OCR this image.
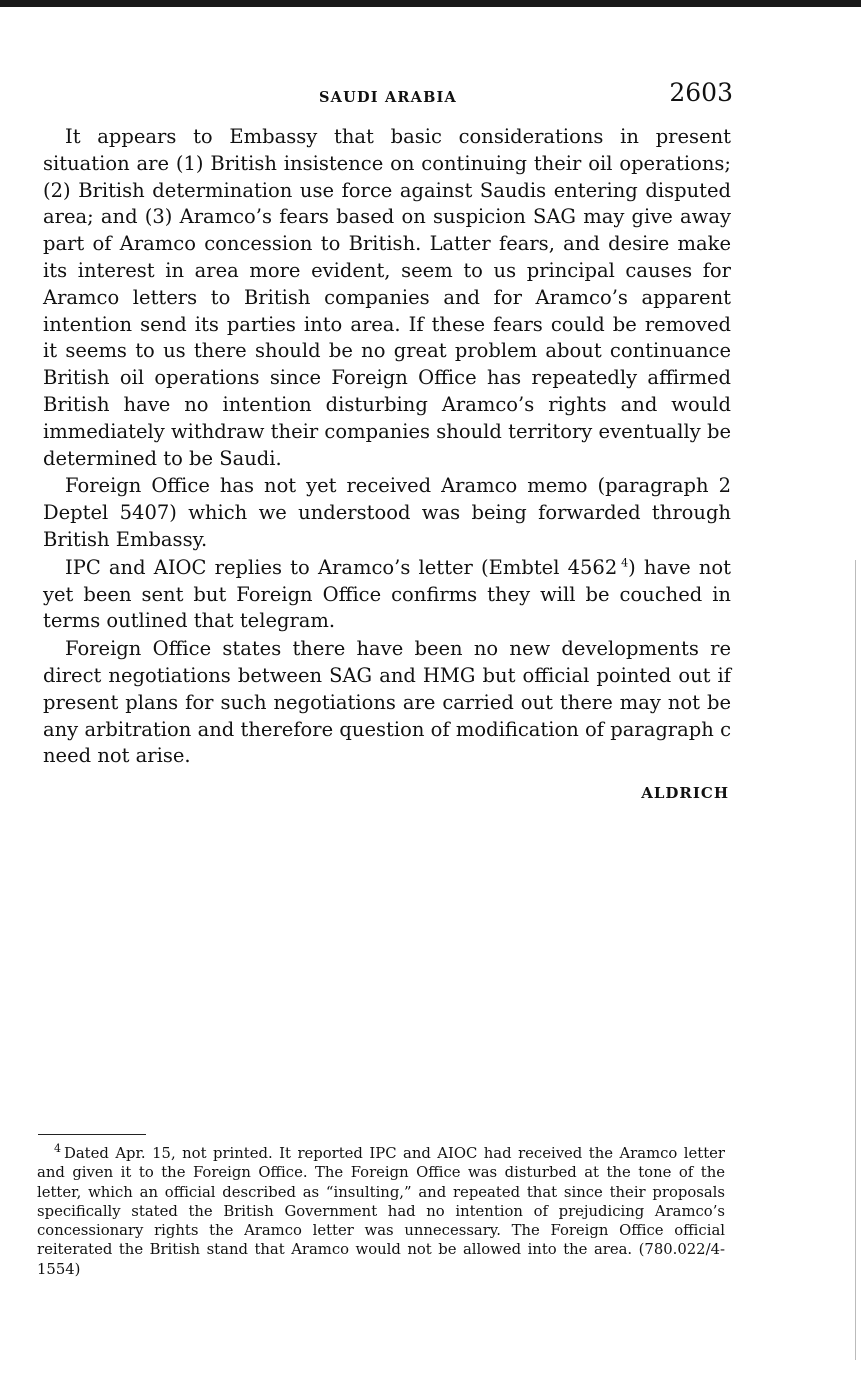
SAUDI ARABIA	2603

It appears to Embassy that basic considerations in present situation are (1) British insistence on continuing their oil operations; (2) British determination use force against Saudis entering disputed area; and (3) Aramco’s fears based on suspicion SAG may give away part of Aramco concession to British. Latter fears, and desire make its interest in area more evident, seem to us principal causes for Aramco letters to British companies and for Aramco’s apparent intention send its parties into area. If these fears could be removed it seems to us there should be no great problem about continuance British oil operations since Foreign Office has repeatedly affirmed British have no intention disturbing Aramco’s rights and would immediately withdraw their companies should territory eventually be determined to be Saudi.

Foreign Office has not yet received Aramco memo (paragraph 2 Deptel 5407) which we understood was being forwarded through British Embassy.

IPC and AIOC replies to Aramco’s letter (Embtel 4562  $^4$) have not yet been sent but Foreign Office confirms they will be couched in terms outlined that telegram.

Foreign Office states there have been no new developments re direct negotiations between SAG and HMG but official pointed out if present plans for such negotiations are carried out there may not be any arbitration and therefore question of modification of paragraph c need not arise.

ALDRICH

$^4$  Dated Apr. 15, not printed. It reported IPC and AIOC had received the Aramco letter and given it to the Foreign Office. The Foreign Office was disturbed at the tone of the letter, which an official described as “insulting,” and repeated that since their proposals specifically stated the British Government had no intention of prejudicing Aramco’s concessionary rights the Aramco letter was unnecessary. The Foreign Office official reiterated the British stand that Aramco would not be allowed into the area. (780.022/4-1554)
